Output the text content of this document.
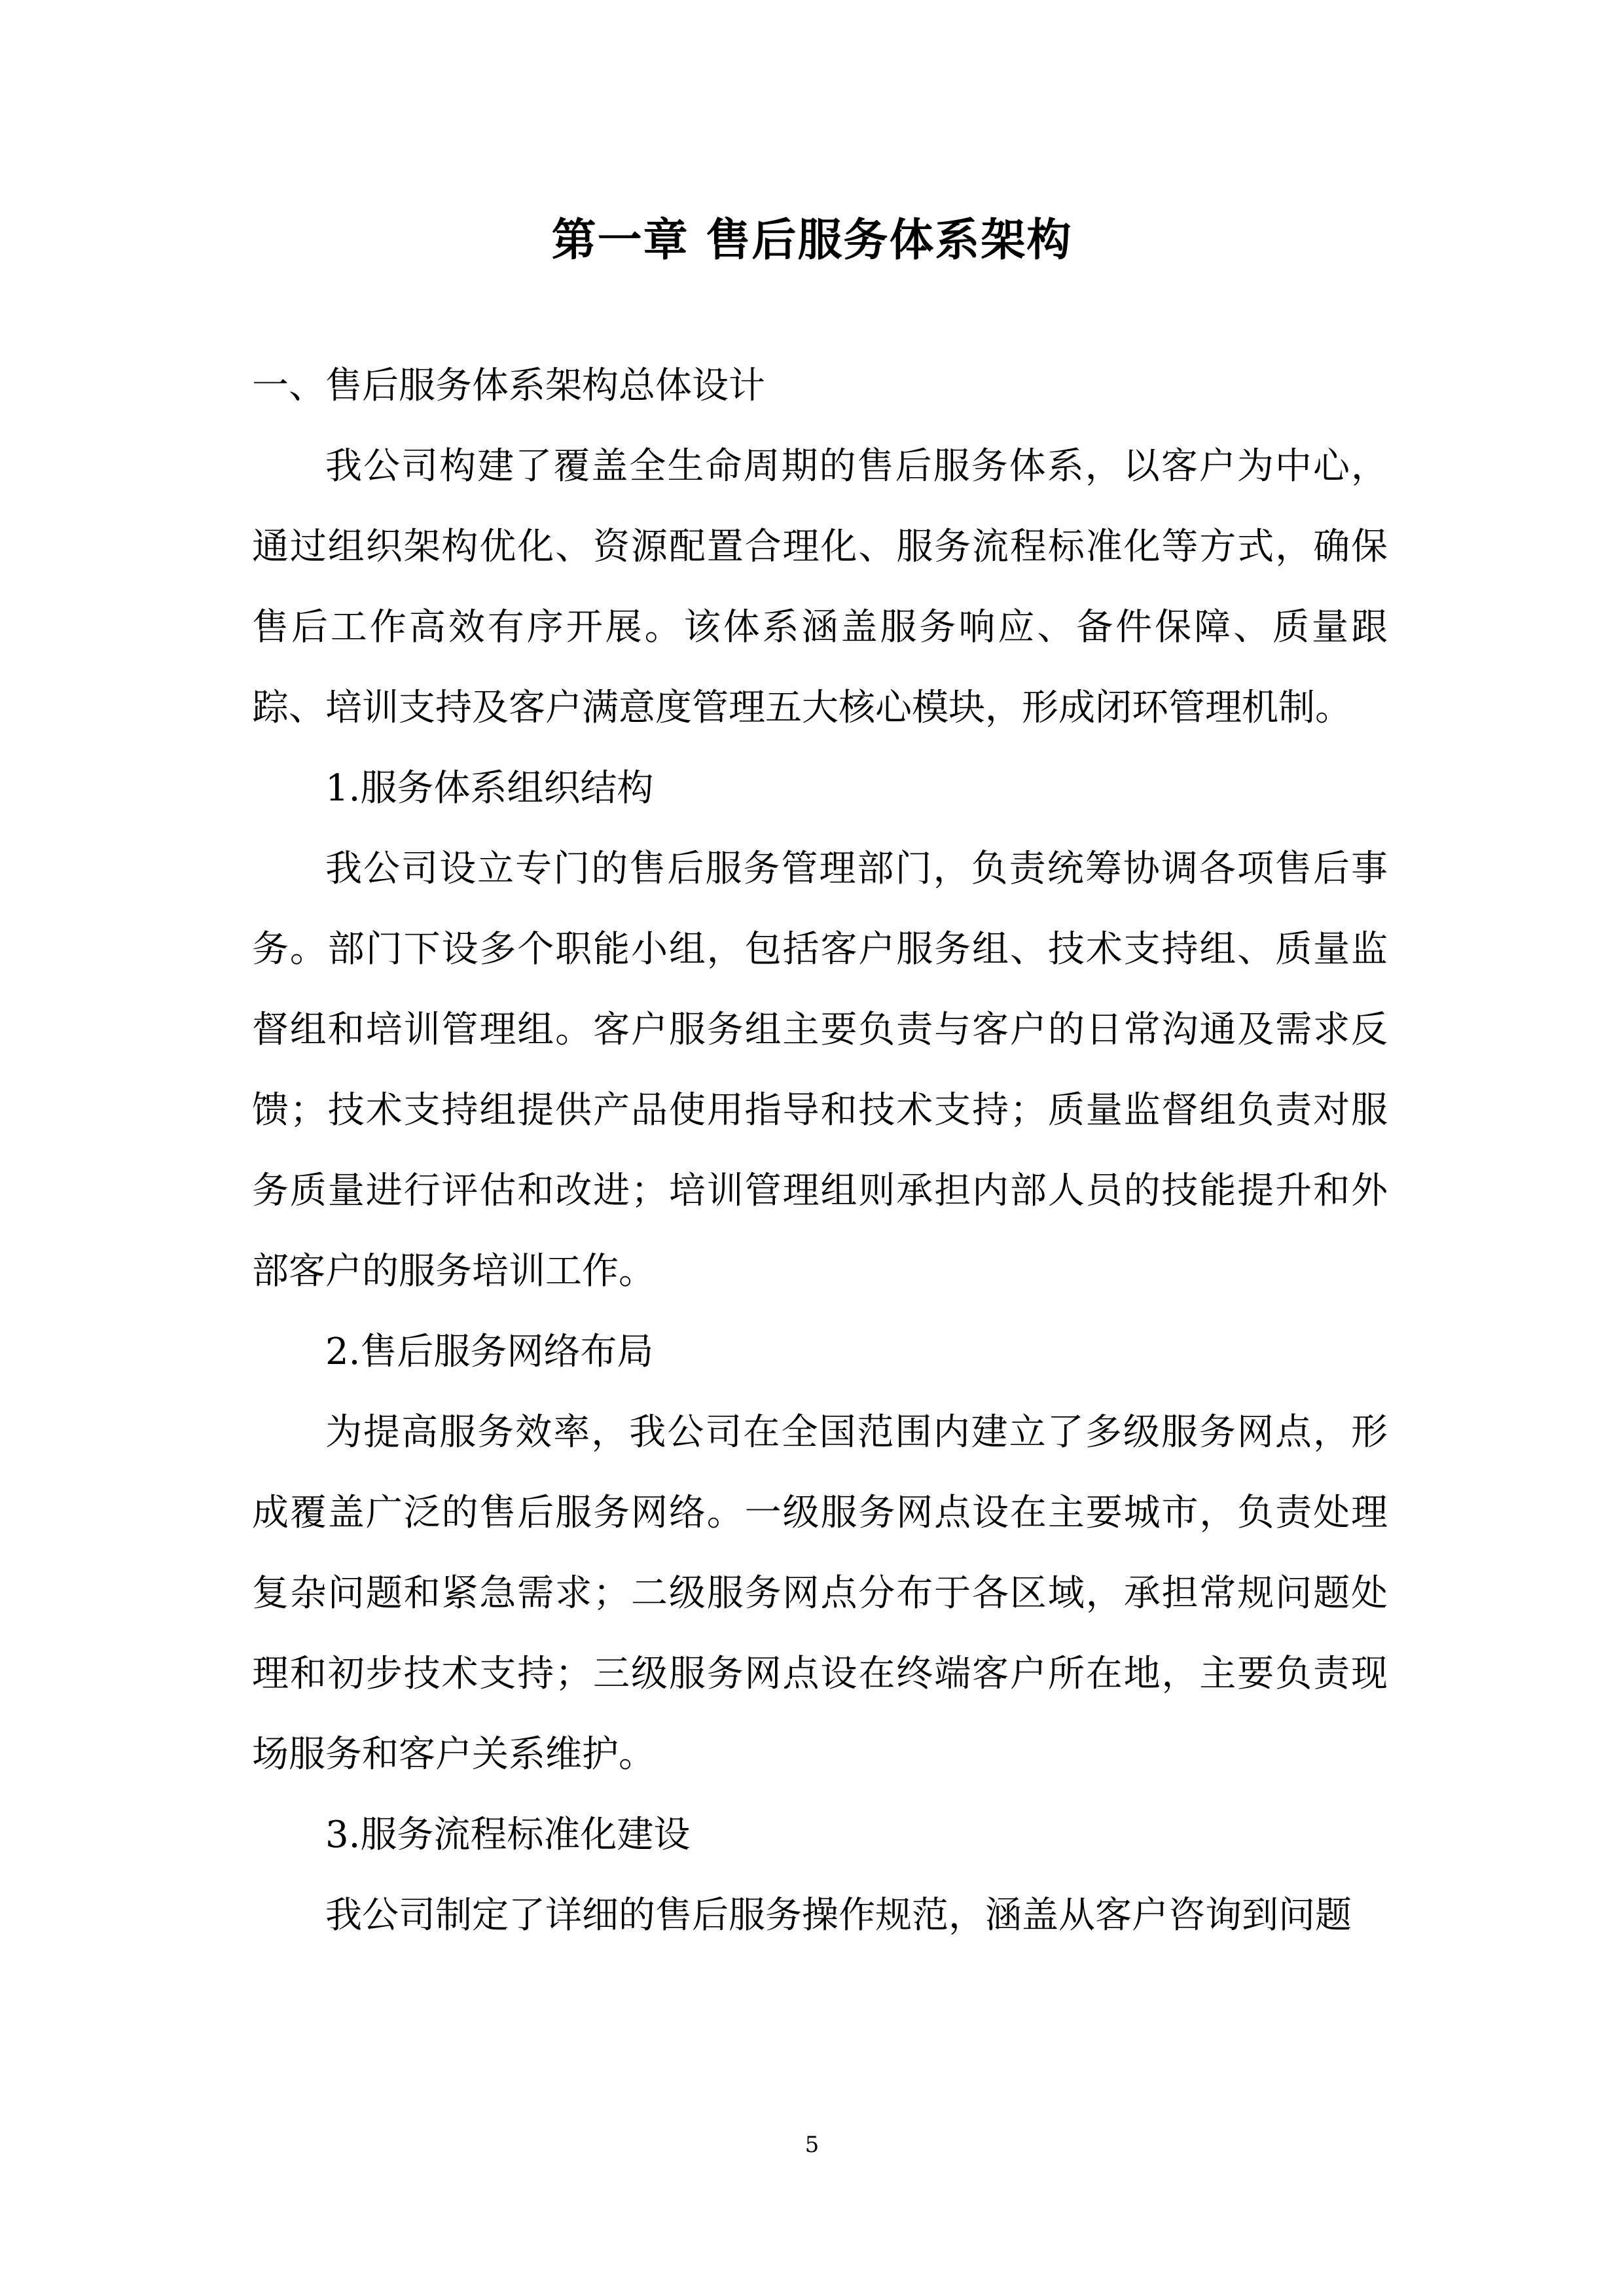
第一章 售后服务体系架构

一、售后服务体系架构总体设计

我公司构建了覆盖全生命周期的售后服务体系，以客户为中心，通过组织架构优化、资源配置合理化、服务流程标准化等方式，确保售后工作高效有序开展。该体系涵盖服务响应、备件保障、质量跟踪、培训支持及客户满意度管理五大核心模块，形成闭环管理机制。

1.服务体系组织结构

我公司设立专门的售后服务管理部门，负责统筹协调各项售后事务。部门下设多个职能小组，包括客户服务组、技术支持组、质量监督组和培训管理组。客户服务组主要负责与客户的日常沟通及需求反馈；技术支持组提供产品使用指导和技术支持；质量监督组负责对服务质量进行评估和改进；培训管理组则承担内部人员的技能提升和外部客户的服务培训工作。

2.售后服务网络布局

为提高服务效率，我公司在全国范围内建立了多级服务网点，形成覆盖广泛的售后服务网络。一级服务网点设在主要城市，负责处理复杂问题和紧急需求；二级服务网点分布于各区域，承担常规问题处理和初步技术支持；三级服务网点设在终端客户所在地，主要负责现场服务和客户关系维护。

3.服务流程标准化建设

我公司制定了详细的售后服务操作规范，涵盖从客户咨询到问题

5
